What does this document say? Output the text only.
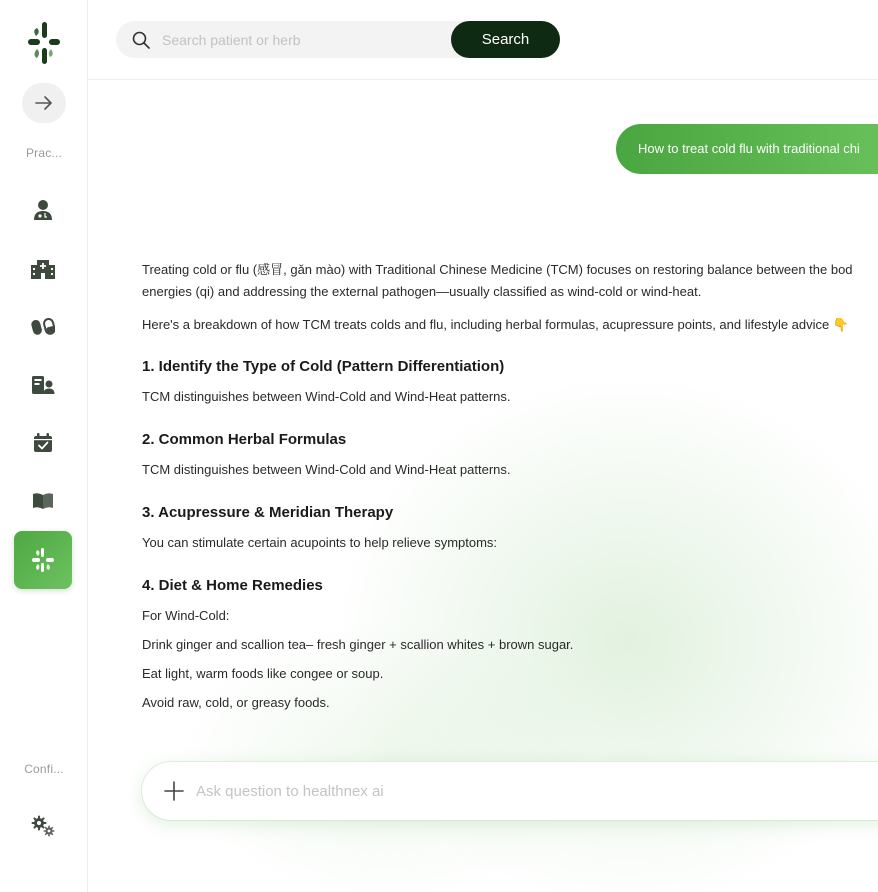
Prac...
Confi...
Search patient or herb
Search
How to treat cold flu with traditional chi

Treating cold or flu (感冒, gǎn mào) with Traditional Chinese Medicine (TCM) focuses on restoring balance between the bod

energies (qi) and addressing the external pathogen—usually classified as wind-cold or wind-heat.

Here's a breakdown of how TCM treats colds and flu, including herbal formulas, acupressure points, and lifestyle advice 👇

1. Identify the Type of Cold (Pattern Differentiation)

TCM distinguishes between Wind-Cold and Wind-Heat patterns.

2. Common Herbal Formulas

TCM distinguishes between Wind-Cold and Wind-Heat patterns.

3. Acupressure & Meridian Therapy

You can stimulate certain acupoints to help relieve symptoms:

4. Diet & Home Remedies

For Wind-Cold:

Drink ginger and scallion tea– fresh ginger + scallion whites + brown sugar.

Eat light, warm foods like congee or soup.

Avoid raw, cold, or greasy foods.

Ask question to healthnex ai
